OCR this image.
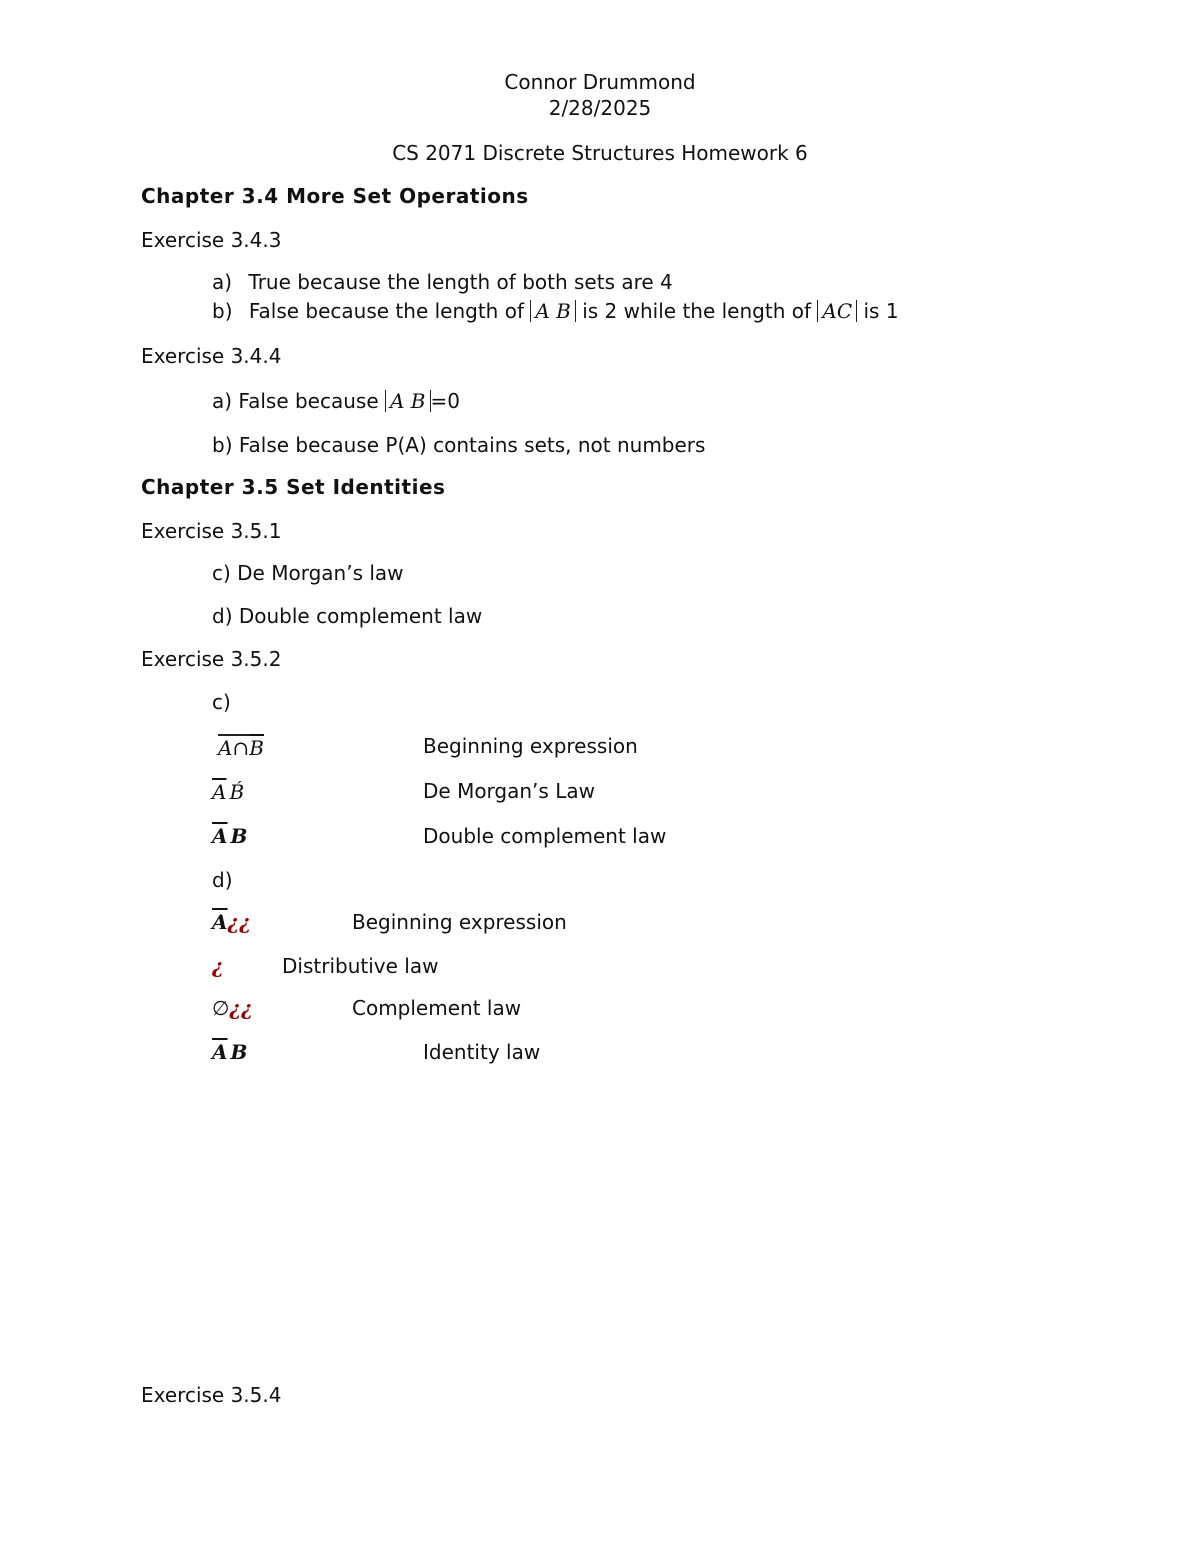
Connor Drummond
2/28/2025
CS 2071 Discrete Structures Homework 6
Chapter 3.4 More Set Operations
Exercise 3.4.3
a) True because the length of both sets are 4
b) False because the length of A B is 2 while the length of AC is 1
Exercise 3.4.4
a) False because A B =0
b) False because P(A) contains sets, not numbers
Chapter 3.5 Set Identities
Exercise 3.5.1
c) De Morgan’s law
d) Double complement law
Exercise 3.5.2
c)
$A\cap\overline{B}$	Beginning expression
$\overline{A}$ B́	De Morgan’s Law
$\overline{A}$ B	Double complement law
d)
$\overline{A}¿¿$	Beginning expression
¿	Distributive law
∅¿¿	Complement law
$\overline{A}$ B	Identity law
Exercise 3.5.4
